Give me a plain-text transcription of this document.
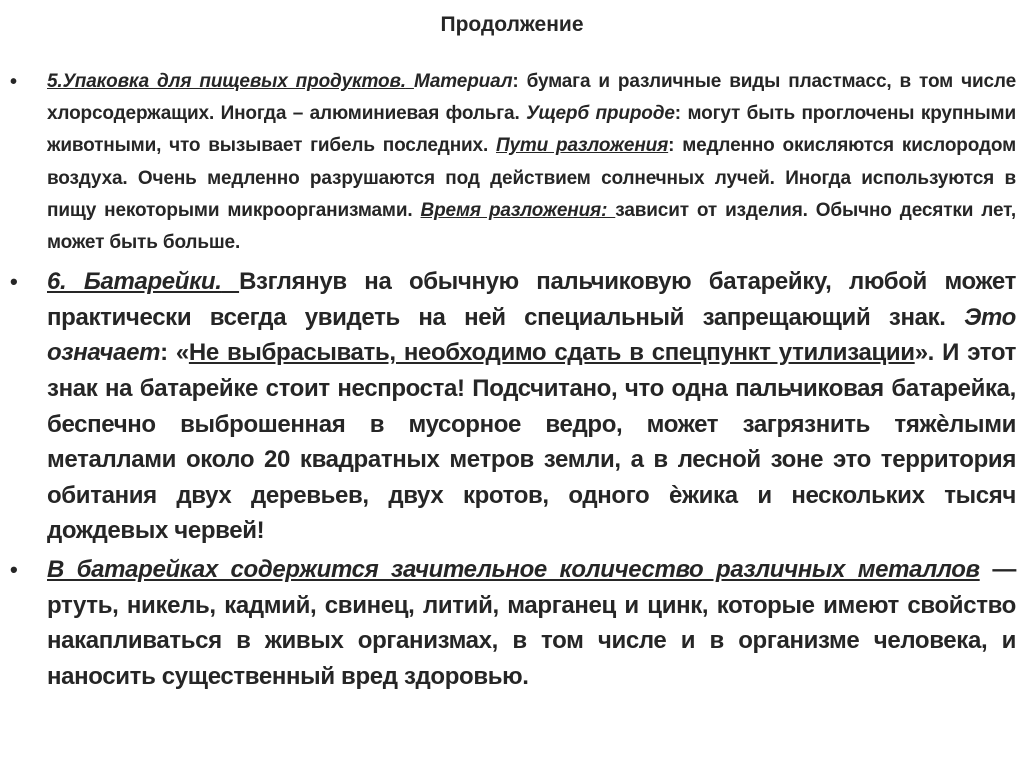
Продолжение
• 5.Упаковка для пищевых продуктов. Материал: бумага и различные виды пластмасс, в том числе хлорсодержащих. Иногда – алюминиевая фольга. Ущерб природе: могут быть проглочены крупными животными, что вызывает гибель последних. Пути разложения: медленно окисляются кислородом воздуха. Очень медленно разрушаются под действием солнечных лучей. Иногда используются в пищу некоторыми микроорганизмами. Время разложения: зависит от изделия. Обычно десятки лет, может быть больше.
• 6. Батарейки. Взглянув на обычную пальчиковую батарейку, любой может практически всегда увидеть на ней специальный запрещающий знак. Это означает: «Не выбрасывать, необходимо сдать в спецпункт утилизации». И этот знак на батарейке стоит неспроста! Подсчитано, что одна пальчиковая батарейка, беспечно выброшенная в мусорное ведро, может загрязнить тяжѐлыми металлами около 20 квадратных метров земли, а в лесной зоне это территория обитания двух деревьев, двух кротов, одного ѐжика и нескольких тысяч дождевых червей!
• В батарейках содержится зачительное количество различных металлов — ртуть, никель, кадмий, свинец, литий, марганец и цинк, которые имеют свойство накапливаться в живых организмах, в том числе и в организме человека, и наносить существенный вред здоровью.
